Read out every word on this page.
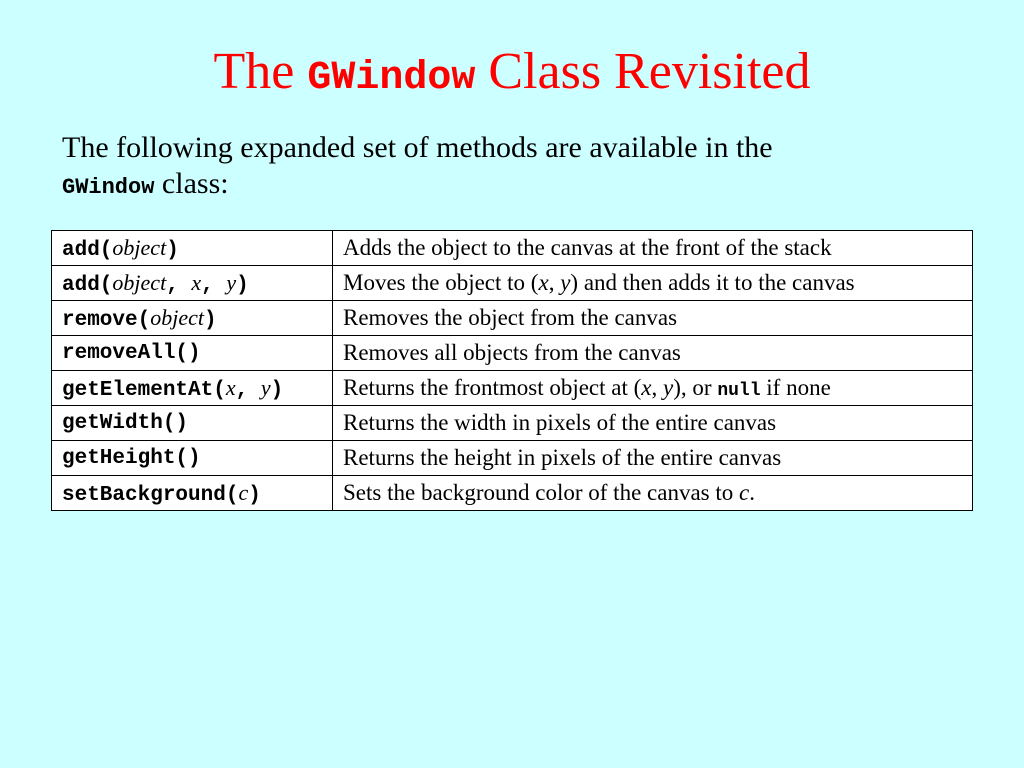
The GWindow Class Revisited
The following expanded set of methods are available in the
GWindow class:
add(object)	Adds the object to the canvas at the front of the stack
add(object, x, y)	Moves the object to (x, y) and then adds it to the canvas
remove(object)	Removes the object from the canvas
removeAll()	Removes all objects from the canvas
getElementAt(x, y)	Returns the frontmost object at (x, y), or null if none
getWidth()	Returns the width in pixels of the entire canvas
getHeight()	Returns the height in pixels of the entire canvas
setBackground(c)	Sets the background color of the canvas to c.
